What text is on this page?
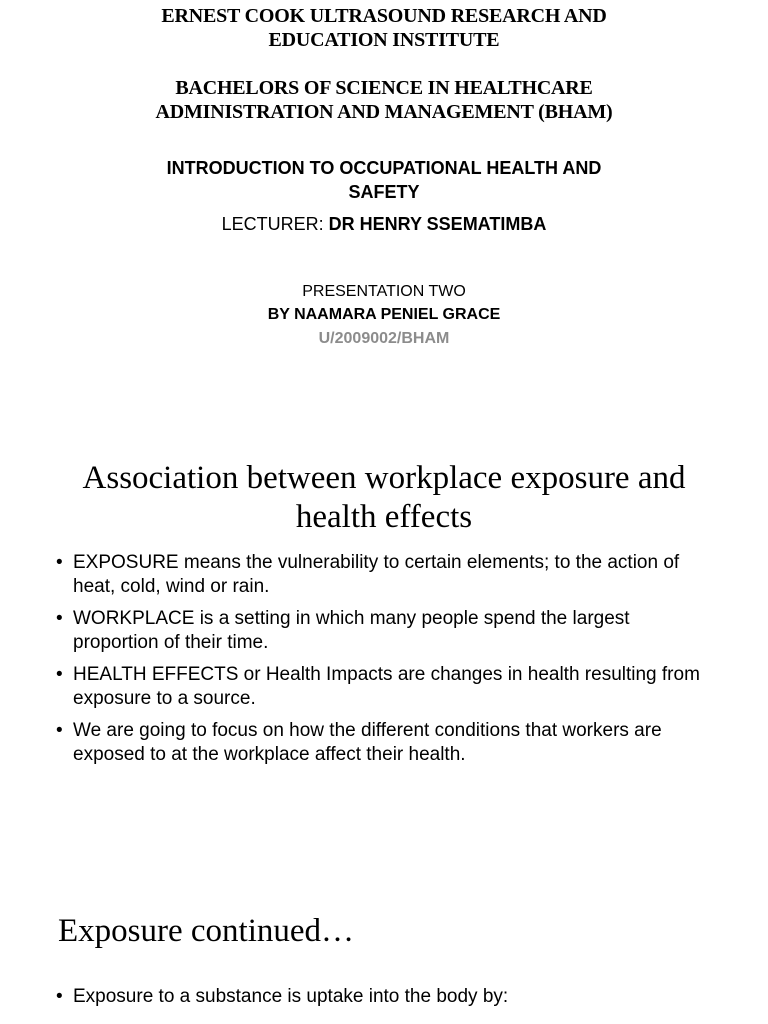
ERNEST COOK ULTRASOUND RESEARCH AND
EDUCATION INSTITUTE
BACHELORS OF SCIENCE IN HEALTHCARE
ADMINISTRATION AND MANAGEMENT (BHAM)
INTRODUCTION TO OCCUPATIONAL HEALTH AND
SAFETY
LECTURER: DR HENRY SSEMATIMBA
PRESENTATION TWO
BY NAAMARA PENIEL GRACE
U/2009002/BHAM
Association between workplace exposure and
health effects
• EXPOSURE means the vulnerability to certain elements; to the action of heat, cold, wind or rain.
• WORKPLACE is a setting in which many people spend the largest proportion of their time.
• HEALTH EFFECTS or Health Impacts are changes in health resulting from exposure to a source.
• We are going to focus on how the different conditions that workers are exposed to at the workplace affect their health.
Exposure continued…
• Exposure to a substance is uptake into the body by:
